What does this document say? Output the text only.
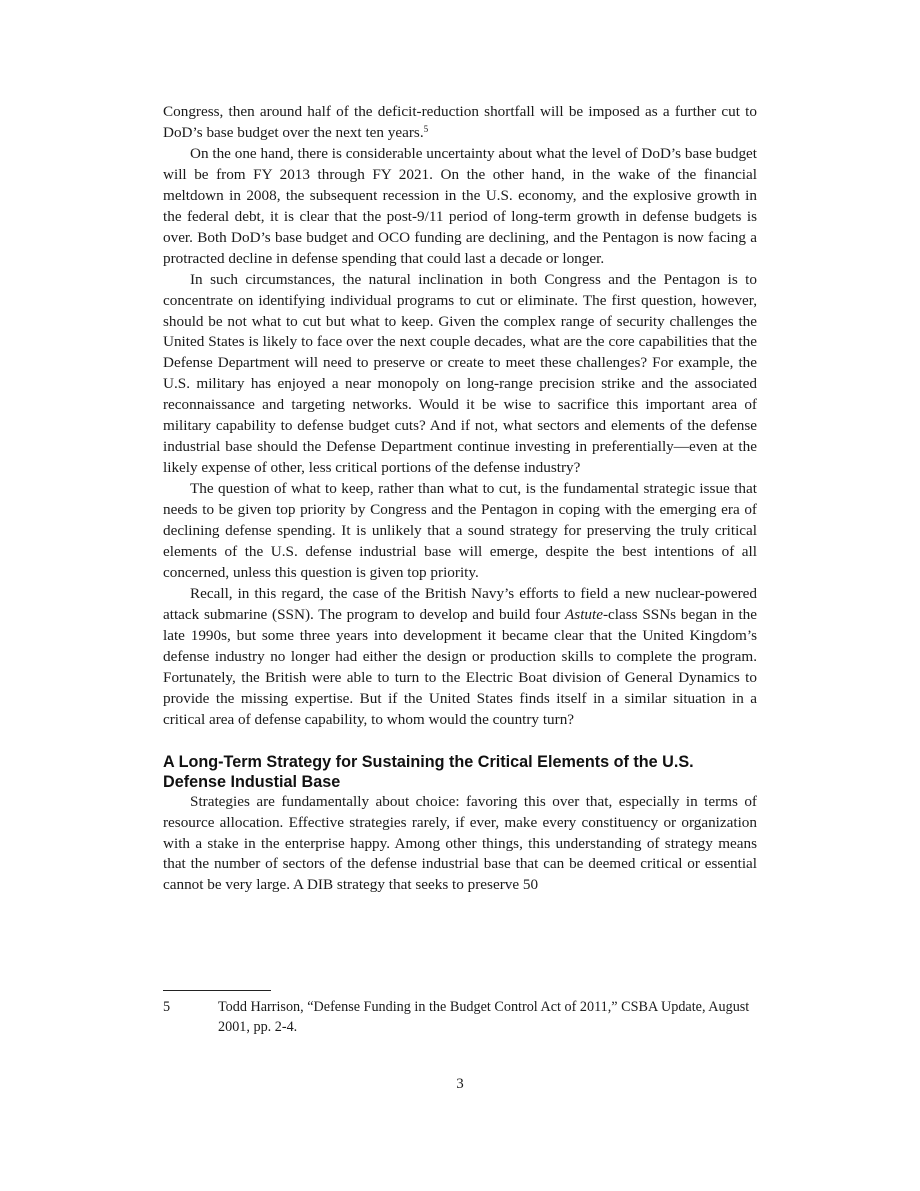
Congress, then around half of the deficit-reduction shortfall will be imposed as a further cut to DoD’s base budget over the next ten years.$^5$

On the one hand, there is considerable uncertainty about what the level of DoD’s base budget will be from FY 2013 through FY 2021. On the other hand, in the wake of the financial meltdown in 2008, the subsequent recession in the U.S. economy, and the explosive growth in the federal debt, it is clear that the post-9/11 period of long-term growth in defense budgets is over. Both DoD’s base budget and OCO funding are declining, and the Pentagon is now facing a protracted decline in defense spending that could last a decade or longer.

In such circumstances, the natural inclination in both Congress and the Pentagon is to concentrate on identifying individual programs to cut or eliminate. The first question, however, should be not what to cut but what to keep. Given the complex range of security challenges the United States is likely to face over the next couple decades, what are the core capabilities that the Defense Department will need to preserve or create to meet these challenges? For example, the U.S. military has enjoyed a near monopoly on long-range precision strike and the associated reconnaissance and targeting networks. Would it be wise to sacrifice this important area of military capability to defense budget cuts? And if not, what sectors and elements of the defense industrial base should the Defense Department continue investing in preferentially—even at the likely expense of other, less critical portions of the defense industry?

The question of what to keep, rather than what to cut, is the fundamental strategic issue that needs to be given top priority by Congress and the Pentagon in coping with the emerging era of declining defense spending. It is unlikely that a sound strategy for preserving the truly critical elements of the U.S. defense industrial base will emerge, despite the best intentions of all concerned, unless this question is given top priority.

Recall, in this regard, the case of the British Navy’s efforts to field a new nuclear-powered attack submarine (SSN). The program to develop and build four Astute-class SSNs began in the late 1990s, but some three years into development it became clear that the United Kingdom’s defense industry no longer had either the design or production skills to complete the program. Fortunately, the British were able to turn to the Electric Boat division of General Dynamics to provide the missing expertise. But if the United States finds itself in a similar situation in a critical area of defense capability, to whom would the country turn?

A Long-Term Strategy for Sustaining the Critical Elements of the U.S. Defense Industial Base

Strategies are fundamentally about choice: favoring this over that, especially in terms of resource allocation. Effective strategies rarely, if ever, make every constituency or organization with a stake in the enterprise happy. Among other things, this understanding of strategy means that the number of sectors of the defense industrial base that can be deemed critical or essential cannot be very large. A DIB strategy that seeks to preserve 50

5	Todd Harrison, “Defense Funding in the Budget Control Act of 2011,” CSBA Update, August 2001, pp. 2-4.
3
